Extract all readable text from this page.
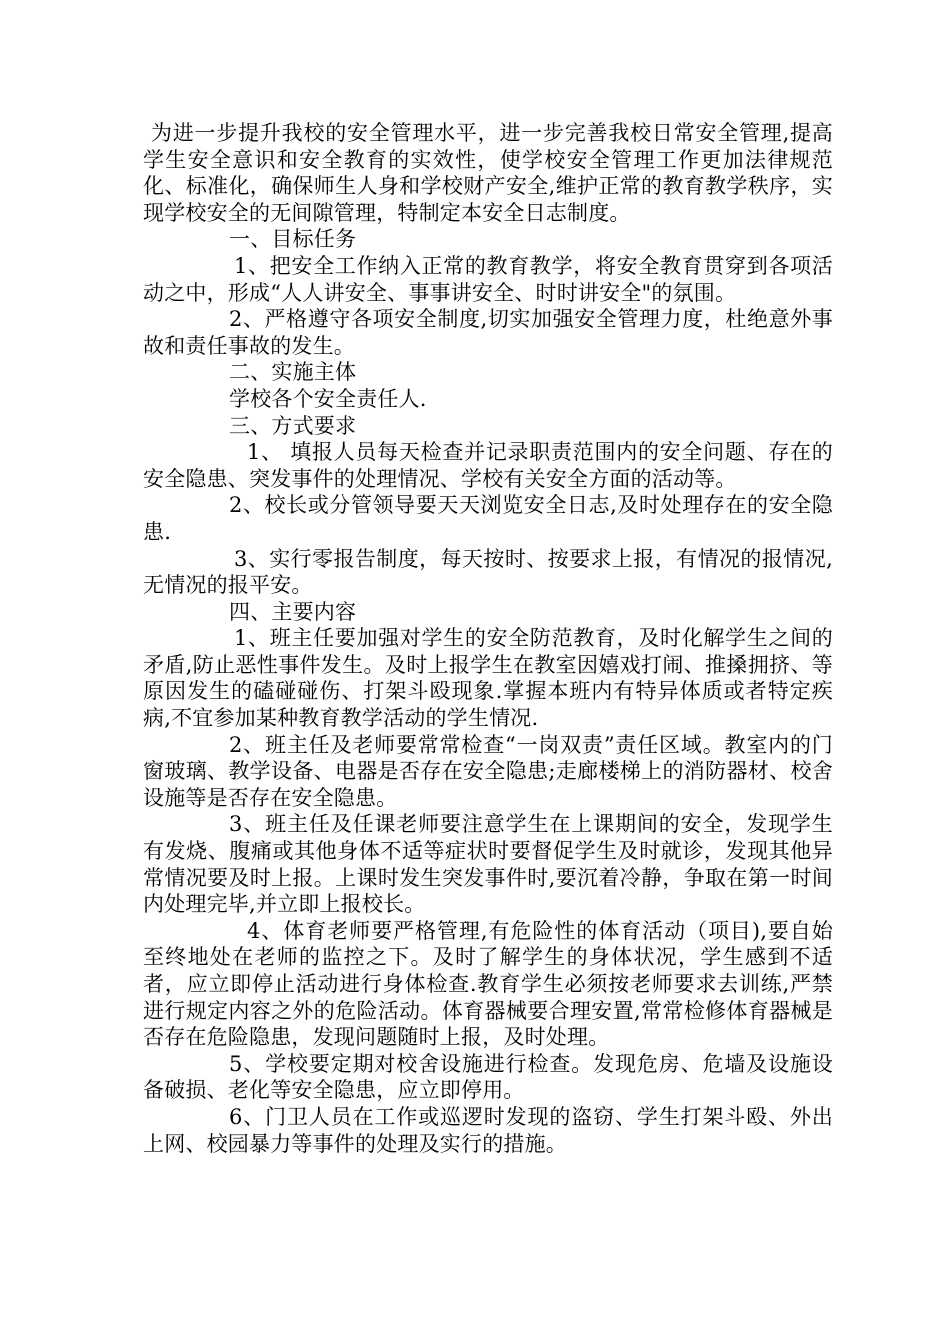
为进一步提升我校的安全管理水平，进一步完善我校日常安全管理,提高学生安全意识和安全教育的实效性，使学校安全管理工作更加法律规范化、标准化，确保师生人身和学校财产安全,维护正常的教育教学秩序，实现学校安全的无间隙管理，特制定本安全日志制度。

一、目标任务

1、把安全工作纳入正常的教育教学，将安全教育贯穿到各项活动之中，形成“人人讲安全、事事讲安全、时时讲安全"的氛围。

2、严格遵守各项安全制度,切实加强安全管理力度，杜绝意外事故和责任事故的发生。

二、实施主体

学校各个安全责任人.

三、方式要求

1、 填报人员每天检查并记录职责范围内的安全问题、存在的安全隐患、突发事件的处理情况、学校有关安全方面的活动等。

2、校长或分管领导要天天浏览安全日志,及时处理存在的安全隐患.

3、实行零报告制度，每天按时、按要求上报，有情况的报情况,无情况的报平安。

四、主要内容

1、班主任要加强对学生的安全防范教育，及时化解学生之间的矛盾,防止恶性事件发生。及时上报学生在教室因嬉戏打闹、推搡拥挤、等原因发生的磕碰碰伤、打架斗殴现象.掌握本班内有特异体质或者特定疾病,不宜参加某种教育教学活动的学生情况.

2、班主任及老师要常常检查“一岗双责”责任区域。教室内的门窗玻璃、教学设备、电器是否存在安全隐患;走廊楼梯上的消防器材、校舍设施等是否存在安全隐患。

3、班主任及任课老师要注意学生在上课期间的安全，发现学生有发烧、腹痛或其他身体不适等症状时要督促学生及时就诊，发现其他异常情况要及时上报。上课时发生突发事件时,要沉着冷静，争取在第一时间内处理完毕,并立即上报校长。

4、体育老师要严格管理,有危险性的体育活动（项目),要自始至终地处在老师的监控之下。及时了解学生的身体状况，学生感到不适者，应立即停止活动进行身体检查.教育学生必须按老师要求去训练,严禁进行规定内容之外的危险活动。体育器械要合理安置,常常检修体育器械是否存在危险隐患，发现问题随时上报，及时处理。

5、学校要定期对校舍设施进行检查。发现危房、危墙及设施设备破损、老化等安全隐患，应立即停用。

6、门卫人员在工作或巡逻时发现的盗窃、学生打架斗殴、外出上网、校园暴力等事件的处理及实行的措施。
